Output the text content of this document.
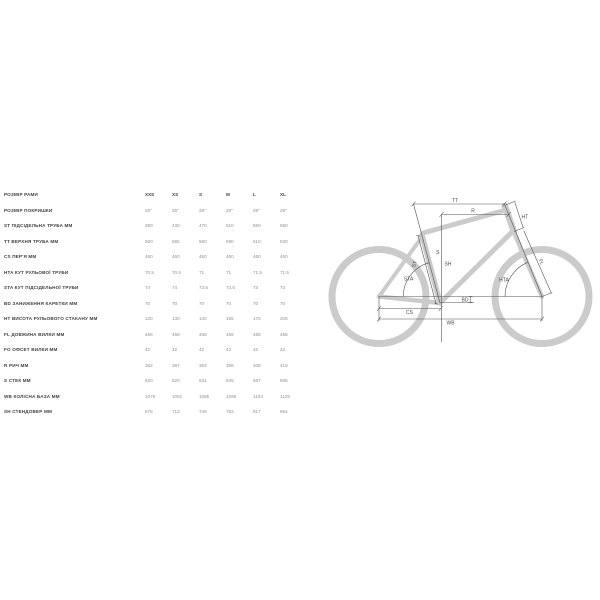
РОЗМІР РАМИ	XXS	XS	S	M	L	XL
РОЗМІР ПОКРИШКИ	28"	28"	28"	28"	28"	28"
ST ПІДСІДЕЛЬНА ТРУБА ММ	390	430	470	510	550	590
TT ВЕРХНЯ ТРУБА ММ	560	565	580	590	610	630
CS ПЕР'Я ММ	460	460	460	460	460	460
HTA КУТ РУЛЬОВОЇ ТРУБИ	70.5	70.5	71	71	71.5	71.5
STA КУТ ПІДСІДЕЛЬНОЇ ТРУБИ	74	74	73.5	73.5	73	73
BD ЗАНИЖЕННЯ КАРЕТКИ ММ	70	70	70	70	70	70
HT ВИСОТА РУЛЬОВОГО СТАКАНУ ММ	130	130	140	155	175	205
FL ДОВЖИНА ВИЛКИ ММ	468	468	468	468	468	468
FO ОФСЕТ ВИЛКИ ММ	42	42	42	42	42	42
R РИЧ ММ	382	387	393	398	408	418
S СТЕК ММ	620	620	631	645	667	695
WB КОЛІСНА БАЗА ММ	1076	1081	1085	1096	1104	1125
SH СТЕНДОВЕР ММ	678	713	748	782	817	854
TT
R
HT
ST
S
SH	FL
STA	HTA
BD
CS
WB
